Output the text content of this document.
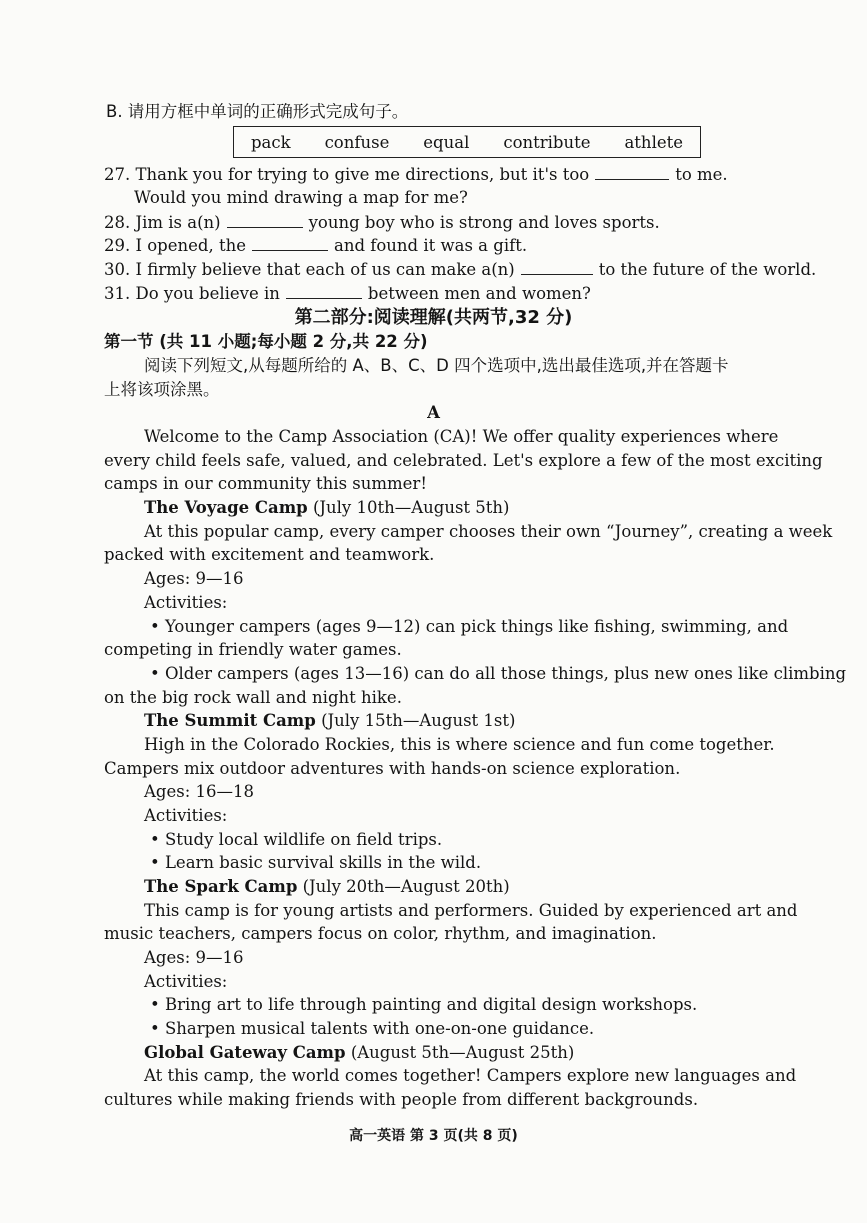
B. 请用方框中单词的正确形式完成句子。
pack confuse equal contribute athlete
27. Thank you for trying to give me directions, but it's too	to me.
Would you mind drawing a map for me?
28. Jim is a(n)	young boy who is strong and loves sports.
29. I opened, the	and found it was a gift.
30. I firmly believe that each of us can make a(n)	to the future of the world.
31. Do you believe in	between men and women?
第二部分:阅读理解(共两节,32 分)
第一节 (共 11 小题;每小题 2 分,共 22 分)
阅读下列短文,从每题所给的 A、B、C、D 四个选项中,选出最佳选项,并在答题卡
上将该项涂黑。
A
Welcome to the Camp Association (CA)! We offer quality experiences where
every child feels safe, valued, and celebrated. Let's explore a few of the most exciting
camps in our community this summer!
The Voyage Camp (July 10th—August 5th)
At this popular camp, every camper chooses their own “Journey”, creating a week
packed with excitement and teamwork.
Ages: 9—16
Activities:
• Younger campers (ages 9—12) can pick things like fishing, swimming, and
competing in friendly water games.
• Older campers (ages 13—16) can do all those things, plus new ones like climbing
on the big rock wall and night hike.
The Summit Camp (July 15th—August 1st)
High in the Colorado Rockies, this is where science and fun come together.
Campers mix outdoor adventures with hands-on science exploration.
Ages: 16—18
Activities:
• Study local wildlife on field trips.
• Learn basic survival skills in the wild.
The Spark Camp (July 20th—August 20th)
This camp is for young artists and performers. Guided by experienced art and
music teachers, campers focus on color, rhythm, and imagination.
Ages: 9—16
Activities:
• Bring art to life through painting and digital design workshops.
• Sharpen musical talents with one-on-one guidance.
Global Gateway Camp (August 5th—August 25th)
At this camp, the world comes together! Campers explore new languages and
cultures while making friends with people from different backgrounds.
高一英语 第 3 页(共 8 页)
